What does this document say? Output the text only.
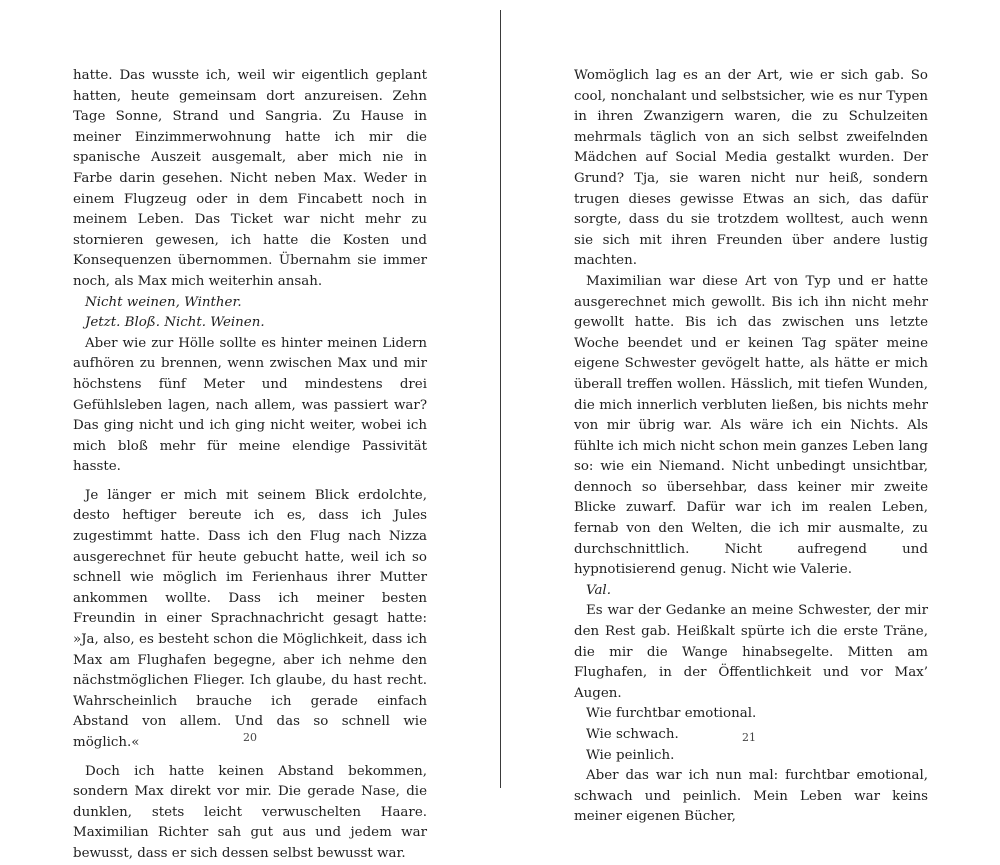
hatte. Das wusste ich, weil wir eigentlich geplant hatten, heute gemeinsam dort anzureisen. Zehn Tage Sonne, Strand und Sangria. Zu Hause in meiner Einzimmerwohnung hatte ich mir die spanische Auszeit ausgemalt, aber mich nie in Farbe darin gesehen. Nicht neben Max. Weder in einem Flugzeug oder in dem Fincabett noch in meinem Leben. Das Ticket war nicht mehr zu stornieren gewesen, ich hatte die Kosten und Konsequenzen übernommen. Übernahm sie immer noch, als Max mich weiterhin ansah.

Nicht weinen, Winther.

Jetzt. Bloß. Nicht. Weinen.

Aber wie zur Hölle sollte es hinter meinen Lidern aufhören zu brennen, wenn zwischen Max und mir höchstens fünf Meter und mindestens drei Gefühlsleben lagen, nach allem, was passiert war? Das ging nicht und ich ging nicht weiter, wobei ich mich bloß mehr für meine elendige Passivität hasste.

Je länger er mich mit seinem Blick erdolchte, desto heftiger bereute ich es, dass ich Jules zugestimmt hatte. Dass ich den Flug nach Nizza ausgerechnet für heute gebucht hatte, weil ich so schnell wie möglich im Ferienhaus ihrer Mutter ankommen wollte. Dass ich meiner besten Freundin in einer Sprachnachricht gesagt hatte: »Ja, also, es besteht schon die Möglichkeit, dass ich Max am Flughafen begegne, aber ich nehme den nächstmöglichen Flieger. Ich glaube, du hast recht. Wahrscheinlich brauche ich gerade einfach Abstand von allem. Und das so schnell wie möglich.«

Doch ich hatte keinen Abstand bekommen, sondern Max direkt vor mir. Die gerade Nase, die dunklen, stets leicht verwuschelten Haare. Maximilian Richter sah gut aus und jedem war bewusst, dass er sich dessen selbst bewusst war.

Womöglich lag es an der Art, wie er sich gab. So cool, nonchalant und selbstsicher, wie es nur Typen in ihren Zwanzigern waren, die zu Schulzeiten mehrmals täglich von an sich selbst zweifelnden Mädchen auf Social Media gestalkt wurden. Der Grund? Tja, sie waren nicht nur heiß, sondern trugen dieses gewisse Etwas an sich, das dafür sorgte, dass du sie trotzdem wolltest, auch wenn sie sich mit ihren Freunden über andere lustig machten.

Maximilian war diese Art von Typ und er hatte ausgerechnet mich gewollt. Bis ich ihn nicht mehr gewollt hatte. Bis ich das zwischen uns letzte Woche beendet und er keinen Tag später meine eigene Schwester gevögelt hatte, als hätte er mich überall treffen wollen. Hässlich, mit tiefen Wunden, die mich innerlich verbluten ließen, bis nichts mehr von mir übrig war. Als wäre ich ein Nichts. Als fühlte ich mich nicht schon mein ganzes Leben lang so: wie ein Niemand. Nicht unbedingt unsichtbar, dennoch so übersehbar, dass keiner mir zweite Blicke zuwarf. Dafür war ich im realen Leben, fernab von den Welten, die ich mir ausmalte, zu durchschnittlich. Nicht aufregend und hypnotisierend genug. Nicht wie Valerie.

Val.

Es war der Gedanke an meine Schwester, der mir den Rest gab. Heißkalt spürte ich die erste Träne, die mir die Wange hinabsegelte. Mitten am Flughafen, in der Öffentlichkeit und vor Max’ Augen.

Wie furchtbar emotional.

Wie schwach.

Wie peinlich.

Aber das war ich nun mal: furchtbar emotional, schwach und peinlich. Mein Leben war keins meiner eigenen Bücher,

20	21
